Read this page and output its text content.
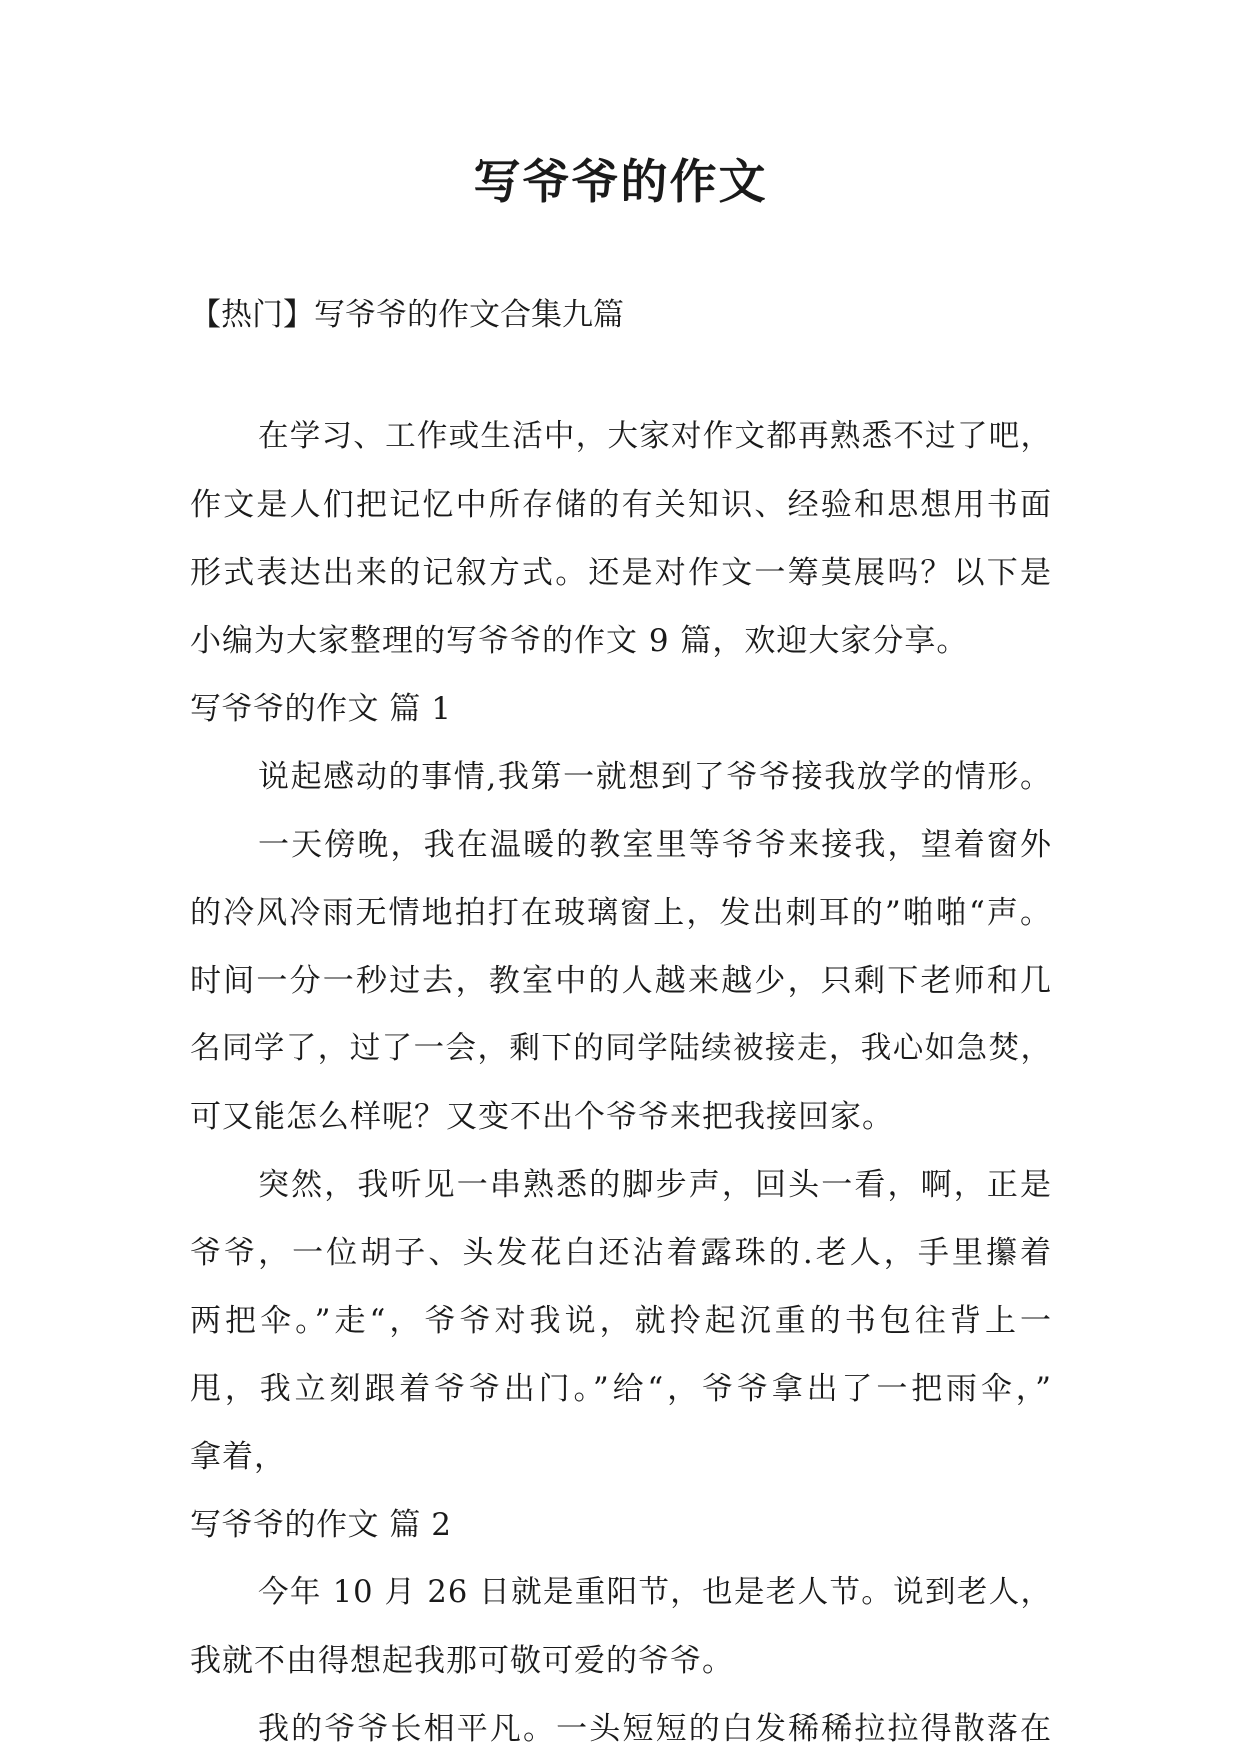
写爷爷的作文

【热门】写爷爷的作文合集九篇

在学习、工作或生活中，大家对作文都再熟悉不过了吧，
作文是人们把记忆中所存储的有关知识、经验和思想用书面
形式表达出来的记叙方式。还是对作文一筹莫展吗？以下是
小编为大家整理的写爷爷的作文 9 篇，欢迎大家分享。
写爷爷的作文 篇 1
说起感动的事情,我第一就想到了爷爷接我放学的情形。
一天傍晚，我在温暖的教室里等爷爷来接我，望着窗外
的冷风冷雨无情地拍打在玻璃窗上，发出刺耳的”啪啪“声。
时间一分一秒过去，教室中的人越来越少，只剩下老师和几
名同学了，过了一会，剩下的同学陆续被接走，我心如急焚，
可又能怎么样呢？又变不出个爷爷来把我接回家。
突然，我听见一串熟悉的脚步声，回头一看，啊，正是
爷爷，一位胡子、头发花白还沾着露珠的.老人，手里攥着
两把伞。”走“，爷爷对我说，就拎起沉重的书包往背上一
甩，我立刻跟着爷爷出门。”给“，爷爷拿出了一把雨伞，”
拿着，
写爷爷的作文 篇 2
今年 10 月 26 日就是重阳节，也是老人节。说到老人，
我就不由得想起我那可敬可爱的爷爷。
我的爷爷长相平凡。一头短短的白发稀稀拉拉得散落在
